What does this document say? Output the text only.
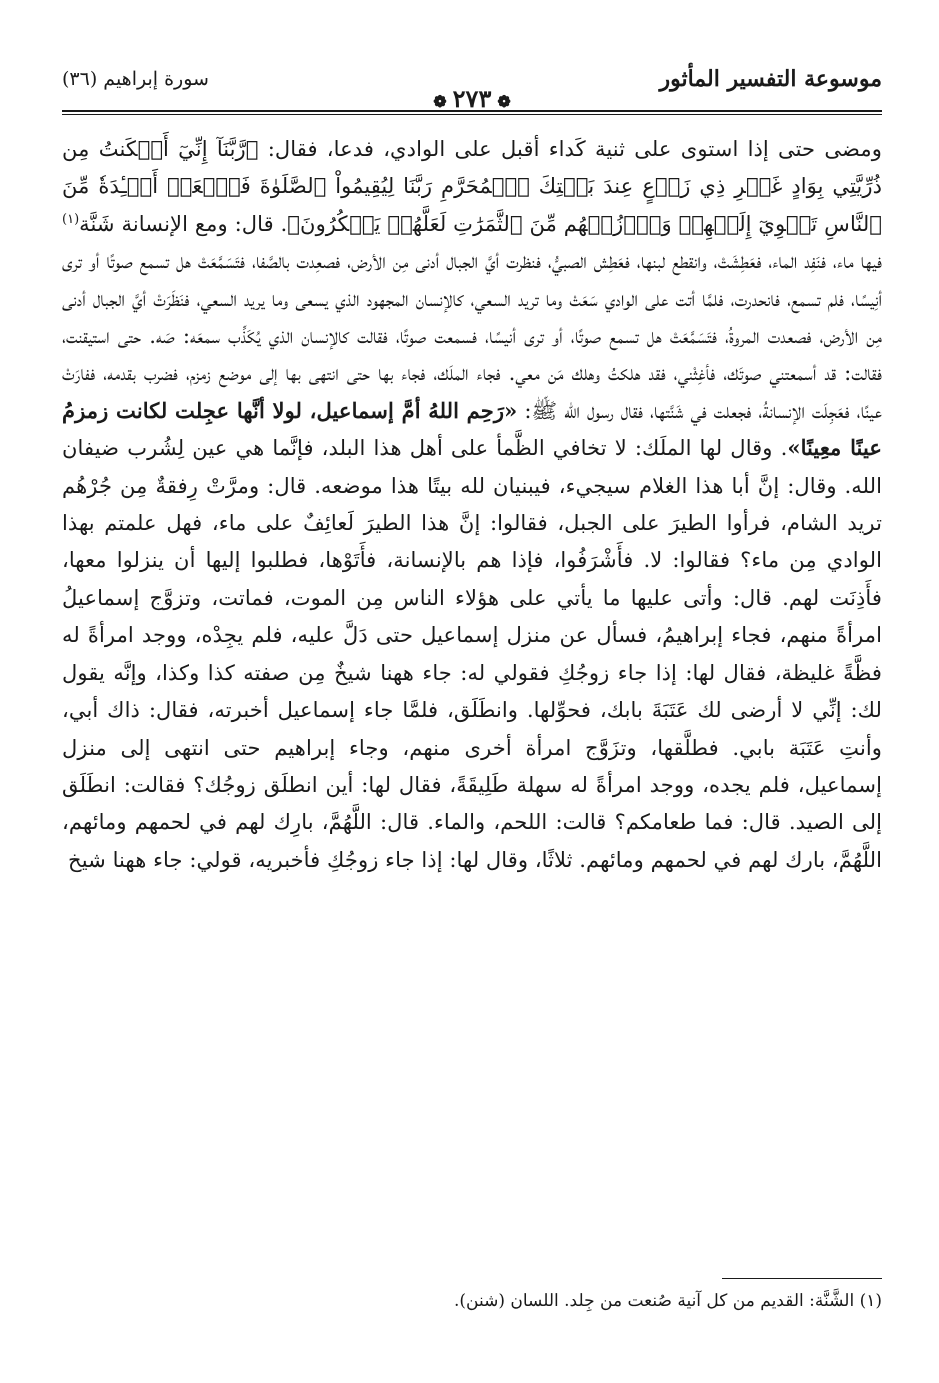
موسوعة التفسير المأثور
❁٢٧٣❁
سورة إبراهيم (٣٦)
ومضى حتى إذا استوى على ثنية كَداء أقبل على الوادي، فدعا، فقال: ﴿رَّبَّنَآ إِنِّيٓ أَسۡكَنتُ مِن ذُرِّيَّتِي بِوَادٍ غَيۡرِ ذِي زَرۡعٍ عِندَ بَيۡتِكَ ٱلۡمُحَرَّمِ رَبَّنَا لِيُقِيمُواْ ٱلصَّلَوٰةَ فَٱجۡعَلۡ أَفۡـِٔدَةٗ مِّنَ ٱلنَّاسِ تَهۡوِيٓ إِلَيۡهِمۡ وَٱرۡزُقۡهُم مِّنَ ٱلثَّمَرَٰتِ لَعَلَّهُمۡ يَشۡكُرُونَ﴾. قال: ومع الإنسانة شَنَّة$^{(١)}$ فيها ماء، فنَفِد الماء، فعَطِشَتْ، وانقطع لبنها، فعَطِش الصبيُّ، فنظرت أيَّ الجبال أدنى مِن الأرض، فصعِدت بالصَّفا، فتَسَمَّعَتْ هل تسمع صوتًا أو ترى أنِيسًا، فلم تسمع، فانحدرت، فلمَّا أتت على الوادي سَعَتْ وما تريد السعي، كالإنسان المجهود الذي يسعى وما يريد السعي، فنَظَرَتْ أيَّ الجبال أدنى مِن الأرض، فصعدت المروةُ، فتَسَمَّعَتْ هل تسمع صوتًا، أو ترى أنيسًا، فسمعت صوتًا، فقالت كالإنسان الذي يُكَذِّب سمعَه: صَه. حتى استيقنت، فقالت: قد أسمعتني صوتَك، فأغِثْني، فقد هلكتُ وهلك مَن معي. فجاء الملَك، فجاء بها حتى انتهى بها إلى موضع زمزم، فضرب بقدمه، ففارَتْ عينًا، فعَجِلَت الإنسانةُ، فجعلت في شَنَّتها، فقال رسول الله ﷺ: «رَحِم اللهُ أمَّ إسماعيل، لولا أنَّها عجِلت لكانت زمزمُ عينًا معِينًا». وقال لها الملَك: لا تخافي الظَّمأ على أهل هذا البلد، فإنَّما هي عين لِشُرب ضيفان الله. وقال: إنَّ أبا هذا الغلام سيجيء، فيبنيان لله بيتًا هذا موضعه. قال: ومرَّتْ رِفقةٌ مِن جُرْهُم تريد الشام، فرأوا الطيرَ على الجبل، فقالوا: إنَّ هذا الطيرَ لَعائِفٌ على ماء، فهل علمتم بهذا الوادي مِن ماء؟ فقالوا: لا. فأَشْرَفُوا، فإذا هم بالإنسانة، فأَتَوْها، فطلبوا إليها أن ينزلوا معها، فأَذِنَت لهم. قال: وأتى عليها ما يأتي على هؤلاء الناس مِن الموت، فماتت، وتزوَّج إسماعيلُ امرأةً منهم، فجاء إبراهيمُ، فسأل عن منزل إسماعيل حتى دَلَّ عليه، فلم يجِدْه، ووجد امرأةً له فظَّةً غليظة، فقال لها: إذا جاء زوجُكِ فقولي له: جاء ههنا شيخٌ مِن صفته كذا وكذا، وإنَّه يقول لك: إنِّي لا أرضى لك عَتَبَةَ بابك، فحوِّلها. وانطَلَق، فلمَّا جاء إسماعيل أخبرته، فقال: ذاك أبي، وأنتِ عَتَبَة بابي. فطلَّقها، وتزَوَّج امرأة أخرى منهم، وجاء إبراهيم حتى انتهى إلى منزل إسماعيل، فلم يجده، ووجد امرأةً له سهلة طَلِيقَةً، فقال لها: أين انطلَق زوجُك؟ فقالت: انطَلَق إلى الصيد. قال: فما طعامكم؟ قالت: اللحم، والماء. قال: اللَّهُمَّ، بارِك لهم في لحمهم ومائهم، اللَّهُمَّ، بارك لهم في لحمهم ومائهم. ثلاثًا، وقال لها: إذا جاء زوجُكِ فأخبريه، قولي: جاء ههنا شيخ
(١) الشَّنَّة: القديم من كل آنية صُنعت من جِلد. اللسان (شنن).
